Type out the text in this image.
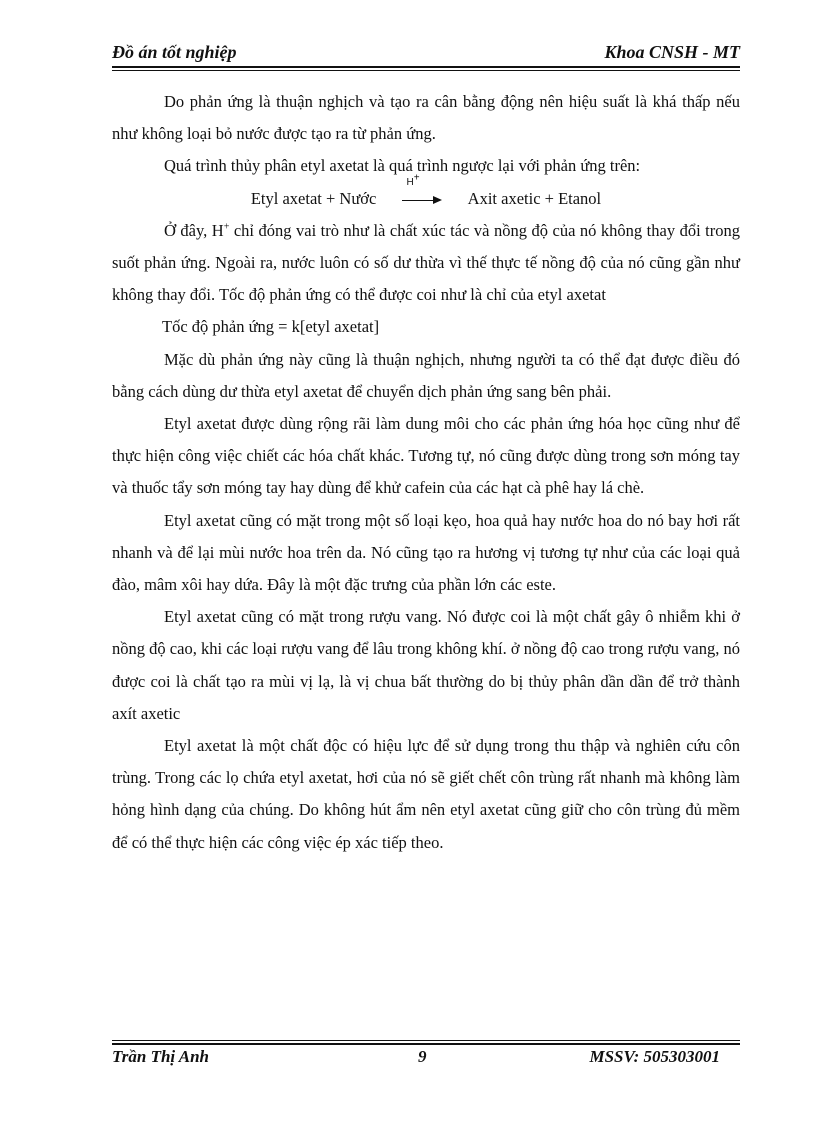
Đồ án tốt nghiệp	Khoa CNSH - MT

Do phản ứng là thuận nghịch và tạo ra cân bằng động nên hiệu suất là khá thấp nếu như không loại bỏ nước được tạo ra từ phản ứng.

Quá trình thủy phân etyl axetat là quá trình ngược lại với phản ứng trên:

Etyl axetat + Nước
H+
Axit axetic + Etanol

Ở đây, H+ chỉ đóng vai trò như là chất xúc tác và nồng độ của nó không thay đổi trong suốt phản ứng. Ngoài ra, nước luôn có số dư thừa vì thế thực tế nồng độ của nó cũng gần như không thay đổi. Tốc độ phản ứng có thể được coi như là chỉ của etyl axetat

Tốc độ phản ứng = k[etyl axetat]

Mặc dù phản ứng này cũng là thuận nghịch, nhưng người ta có thể đạt được điều đó bằng cách dùng dư thừa etyl axetat để chuyển dịch phản ứng sang bên phải.

Etyl axetat được dùng rộng rãi làm dung môi cho các phản ứng hóa học cũng như để thực hiện công việc chiết các hóa chất khác. Tương tự, nó cũng được dùng trong sơn móng tay và thuốc tẩy sơn móng tay hay dùng để khử cafein của các hạt cà phê hay lá chè.

Etyl axetat cũng có mặt trong một số loại kẹo, hoa quả hay nước hoa do nó bay hơi rất nhanh và để lại mùi nước hoa trên da. Nó cũng tạo ra hương vị tương tự như của các loại quả đào, mâm xôi hay dứa. Đây là một đặc trưng của phần lớn các este.

Etyl axetat cũng có mặt trong rượu vang. Nó được coi là một chất gây ô nhiễm khi ở nồng độ cao, khi các loại rượu vang để lâu trong không khí. ở nồng độ cao trong rượu vang, nó được coi là chất tạo ra mùi vị lạ, là vị chua bất thường do bị thủy phân dần dần để trở thành axít axetic

Etyl axetat là một chất độc có hiệu lực để sử dụng trong thu thập và nghiên cứu côn trùng. Trong các lọ chứa etyl axetat, hơi của nó sẽ giết chết côn trùng rất nhanh mà không làm hỏng hình dạng của chúng. Do không hút ẩm nên etyl axetat cũng giữ cho côn trùng đủ mềm để có thể thực hiện các công việc ép xác tiếp theo.

Trần Thị Anh	9	MSSV: 505303001
